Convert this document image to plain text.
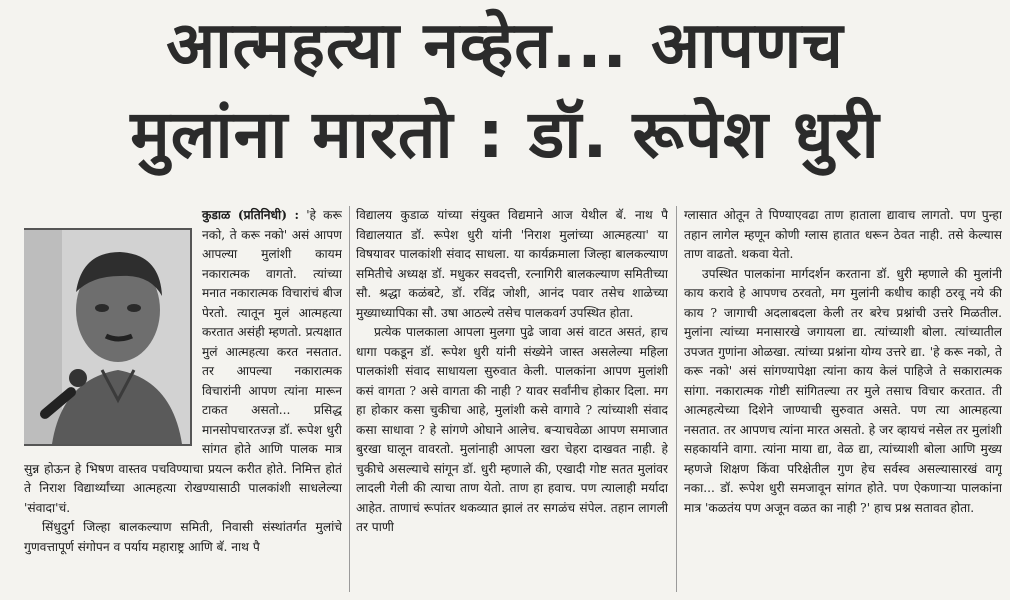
आत्महत्या नव्हेत... आपणच
मुलांना मारतो : डॉ. रूपेश धुरी

कुडाळ (प्रतिनिधी) : 'हे करू नको, ते करू नको' असं आपण आपल्या मुलांशी कायम नकारात्मक वागतो. त्यांच्या मनात नकारात्मक विचारांचं बीज पेरतो. त्यातून मुलं आत्महत्या करतात असंही म्हणतो. प्रत्यक्षात मुलं आत्महत्या करत नसतात. तर आपल्या नकारात्मक विचारांनी आपण त्यांना मारून टाकत असतो... प्रसिद्ध मानसोपचारतज्ज्ञ डॉ. रूपेश धुरी सांगत होते आणि पालक मात्र सुन्न होऊन हे भिषण वास्तव पचविण्याचा प्रयत्न करीत होते. निमित्त होतं ते निराश विद्यार्थ्यांच्या आत्महत्या रोखण्यासाठी पालकांशी साधलेल्या 'संवादा'चं.

सिंधुदुर्ग जिल्हा बालकल्याण समिती, निवासी संस्थांतर्गत मुलांचे गुणवत्तापूर्ण संगोपन व पर्याय महाराष्ट्र आणि बॅ. नाथ पै

विद्यालय कुडाळ यांच्या संयुक्त विद्यमाने आज येथील बॅ. नाथ पै विद्यालयात डॉ. रूपेश धुरी यांनी 'निराश मुलांच्या आत्महत्या' या विषयावर पालकांशी संवाद साधला. या कार्यक्रमाला जिल्हा बालकल्याण समितीचे अध्यक्ष डॉ. मधुकर सवदत्ती, रत्नागिरी बालकल्याण समितीच्या सौ. श्रद्धा कळंबटे, डॉ. रविंद्र जोशी, आनंद पवार तसेच शाळेच्या मुख्याध्यापिका सौ. उषा आठल्ये तसेच पालकवर्ग उपस्थित होता.

प्रत्येक पालकाला आपला मुलगा पुढे जावा असं वाटत असतं, हाच धागा पकडून डॉ. रूपेश धुरी यांनी संख्येने जास्त असलेल्या महिला पालकांशी संवाद साधायला सुरुवात केली. पालकांना आपण मुलांशी कसं वागता ? असे वागता की नाही ? यावर सर्वांनीच होकार दिला. मग हा होकार कसा चुकीचा आहे, मुलांशी कसे वागावे ? त्यांच्याशी संवाद कसा साधावा ? हे सांगणे ओघाने आलेच. बऱ्याचवेळा आपण समाजात बुरखा घालून वावरतो. मुलांनाही आपला खरा चेहरा दाखवत नाही. हे चुकीचे असल्याचे सांगून डॉ. धुरी म्हणाले की, एखादी गोष्ट सतत मुलांवर लादली गेली की त्याचा ताण येतो. ताण हा हवाच. पण त्यालाही मर्यादा आहेत. ताणाचं रूपांतर थकव्यात झालं तर सगळंच संपेल. तहान लागली तर पाणी

ग्लासात ओतून ते पिण्याएवढा ताण हाताला द्यावाच लागतो. पण पुन्हा तहान लागेल म्हणून कोणी ग्लास हातात धरून ठेवत नाही. तसे केल्यास ताण वाढतो. थकवा येतो.

उपस्थित पालकांना मार्गदर्शन करताना डॉ. धुरी म्हणाले की मुलांनी काय करावे हे आपणच ठरवतो, मग मुलांनी कधीच काही ठरवू नये की काय ? जागाची अदलाबदला केली तर बरेच प्रश्नांची उत्तरे मिळतील. मुलांना त्यांच्या मनासारखे जगायला द्या. त्यांच्याशी बोला. त्यांच्यातील उपजत गुणांना ओळखा. त्यांच्या प्रश्नांना योग्य उत्तरे द्या. 'हे करू नको, ते करू नको' असं सांगण्यापेक्षा त्यांना काय केलं पाहिजे ते सकारात्मक सांगा. नकारात्मक गोष्टी सांगितल्या तर मुले तसाच विचार करतात. ती आत्महत्येच्या दिशेने जाण्याची सुरुवात असते. पण त्या आत्महत्या नसतात. तर आपणच त्यांना मारत असतो. हे जर व्हायचं नसेल तर मुलांशी सहकार्याने वागा. त्यांना माया द्या, वेळ द्या, त्यांच्याशी बोला आणि मुख्य म्हणजे शिक्षण किंवा परिक्षेतील गुण हेच सर्वस्व असल्यासारखं वागू नका... डॉ. रूपेश धुरी समजावून सांगत होते. पण ऐकणाऱ्या पालकांना मात्र 'कळतंय पण अजून वळत का नाही ?' हाच प्रश्न सतावत होता.
